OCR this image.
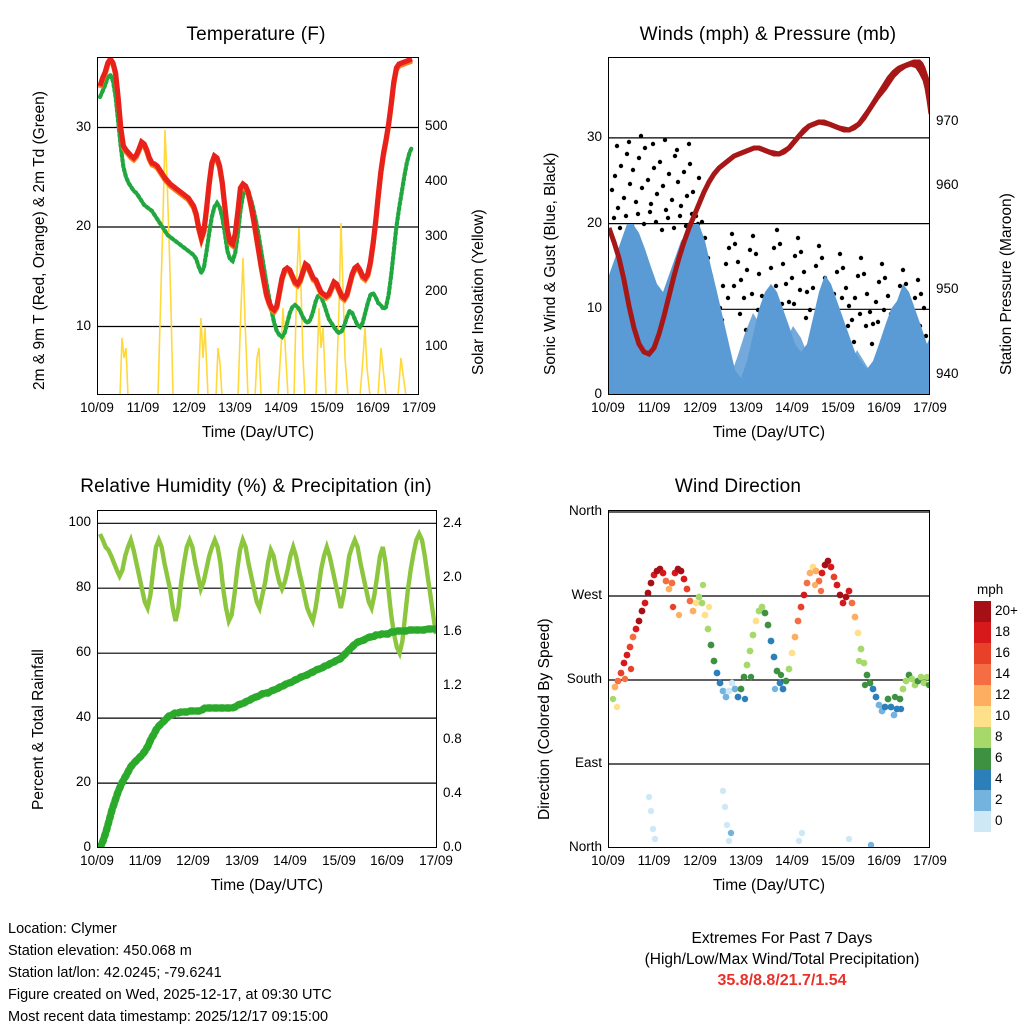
Temperature (F)
10
20
30
100
200
300
400
500
10/09 11/09 12/09 13/09 14/09 15/09 16/09 17/09
Time (Day/UTC)
2m & 9m T (Red, Orange) & 2m Td (Green)	Solar Insolation (Yellow)
Winds (mph) & Pressure (mb)
0
10
20
30
940
950
960
970
10/09 11/09 12/09 13/09 14/09 15/09 16/09 17/09
Time (Day/UTC)
Sonic Wind & Gust (Blue, Black)	Station Pressure (Maroon)
Relative Humidity (%) & Precipitation (in)
0
20
40
60
80
100
0.0
0.4
0.8
1.2
1.6
2.0
2.4
10/09	11/09	12/09	13/09	14/09	15/09	16/09	17/09
Time (Day/UTC)
Percent & Total Rainfall
Wind Direction
North
West
South
East
North
10/09 11/09 12/09 13/09 14/09 15/09 16/09 17/09
Time (Day/UTC)
Direction (Colored By Speed)
mph
20+
18
16
14
12
10
8
6
4
2
0
Location: Clymer
Station elevation: 450.068 m
Station lat/lon: 42.0245; -79.6241
Figure created on Wed, 2025-12-17, at 09:30 UTC
Most recent data timestamp: 2025/12/17 09:15:00
Extremes For Past 7 Days
(High/Low/Max Wind/Total Precipitation)
35.8/8.8/21.7/1.54
